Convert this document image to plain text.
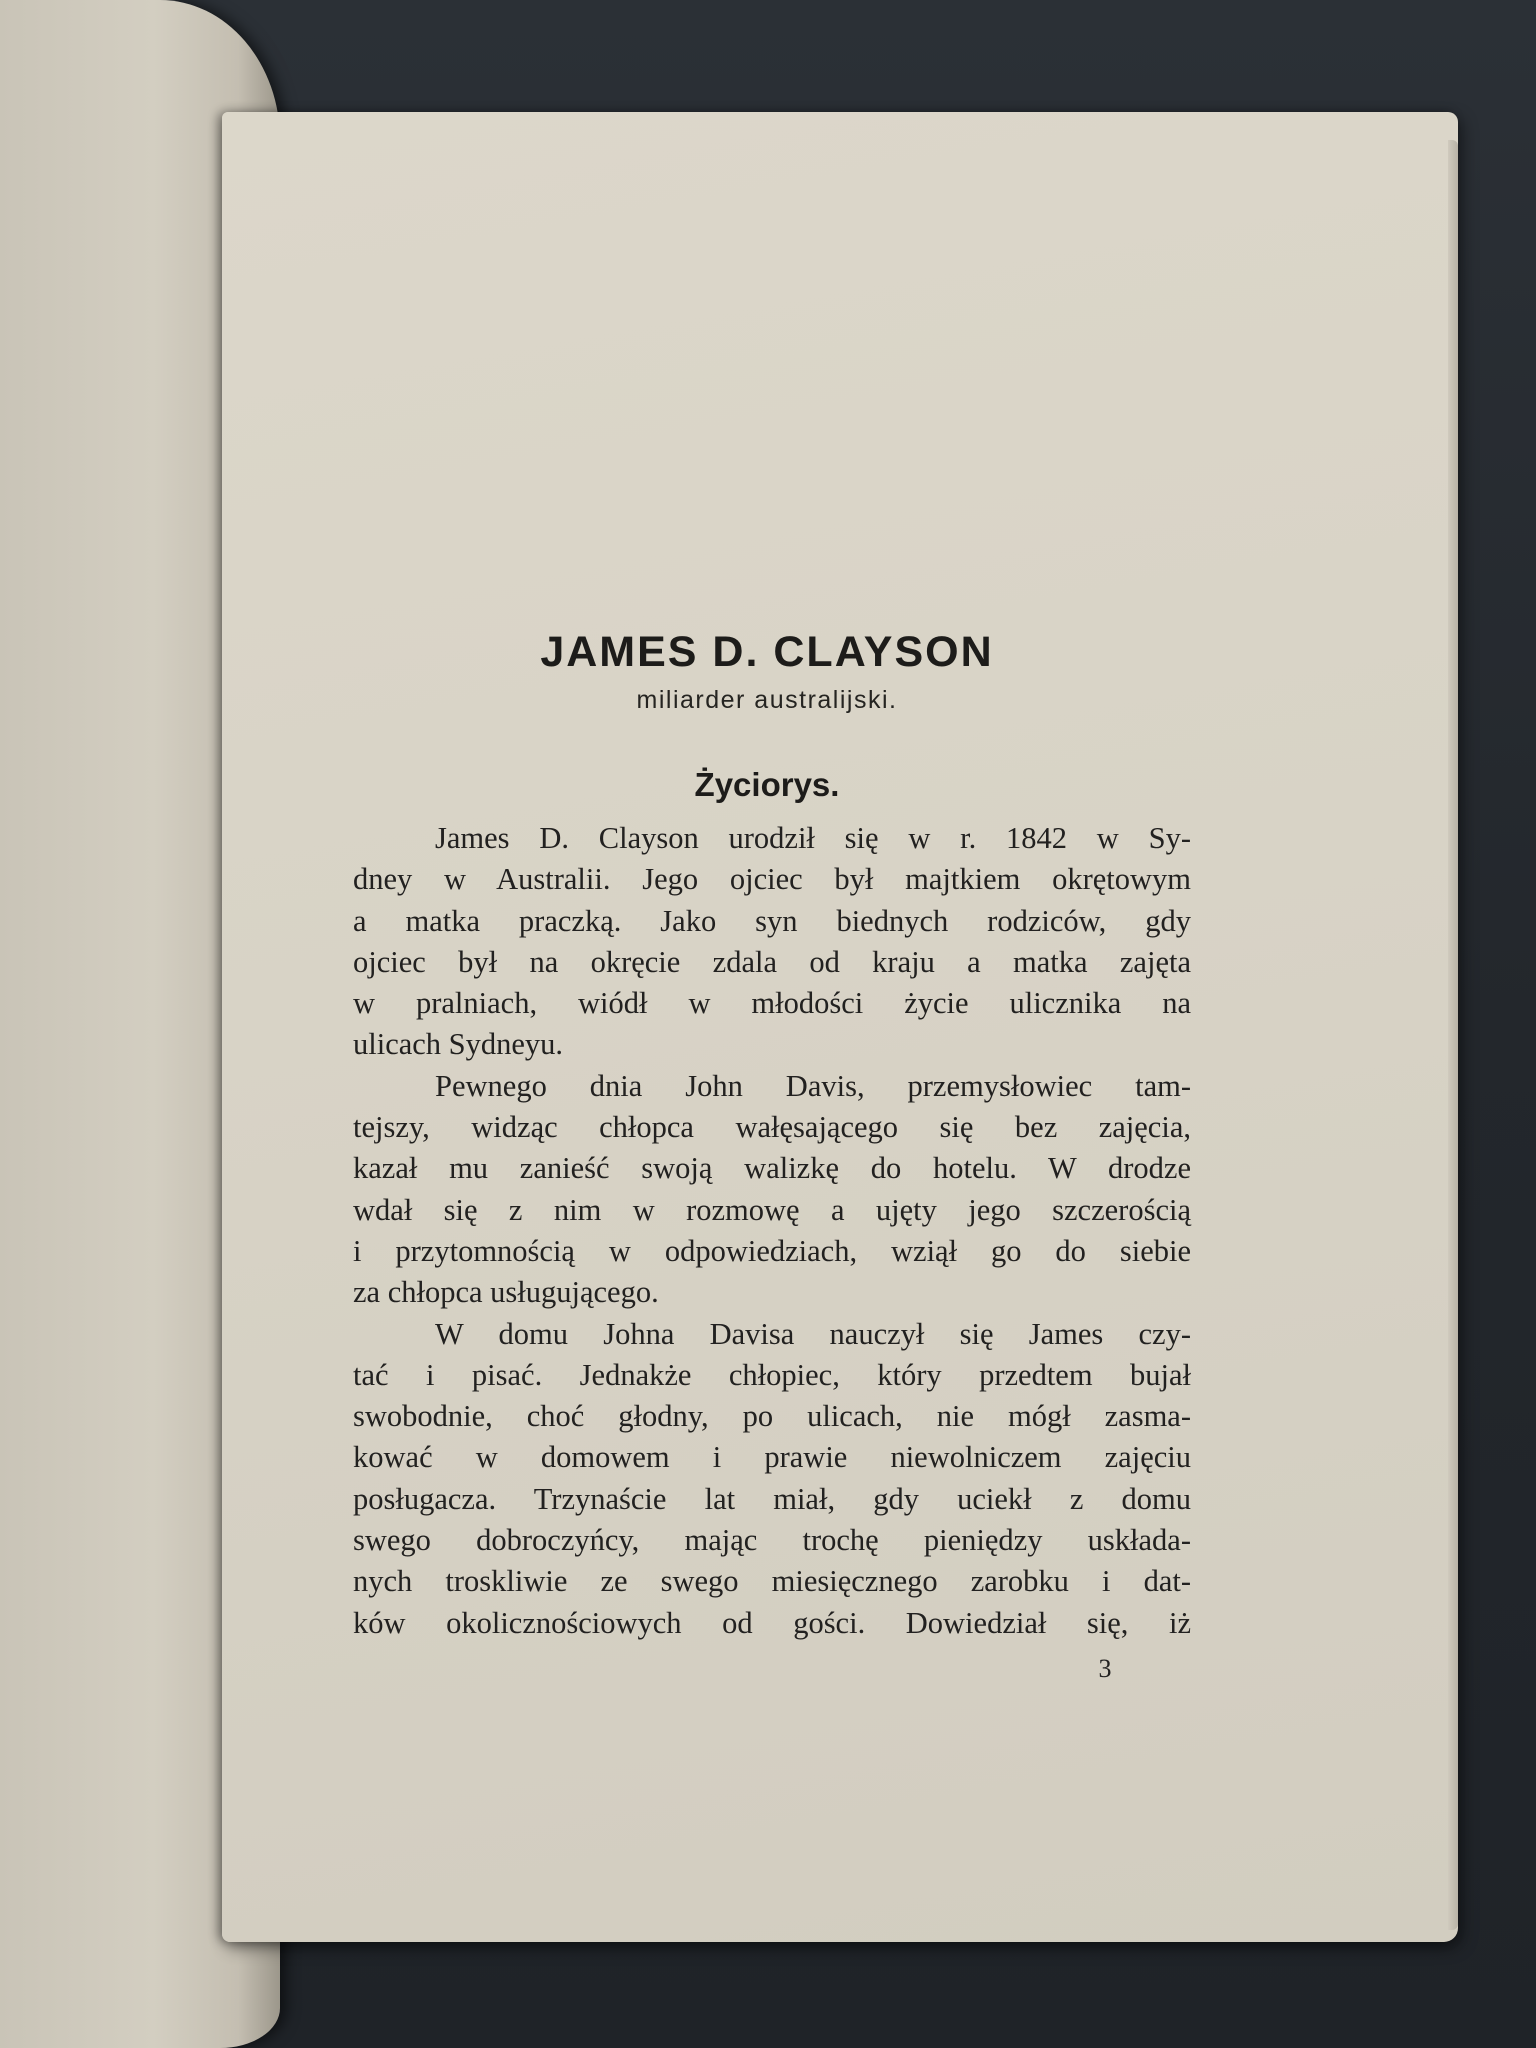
JAMES D. CLAYSON
miliarder australijski.
Życiorys.
James D. Clayson urodził się w r. 1842 w Sy-
dney w Australii. Jego ojciec był majtkiem okrętowym
a matka praczką. Jako syn biednych rodziców, gdy
ojciec był na okręcie zdala od kraju a matka zajęta
w pralniach, wiódł w młodości życie ulicznika na
ulicach Sydneyu.
Pewnego dnia John Davis, przemysłowiec tam-
tejszy, widząc chłopca wałęsającego się bez zajęcia,
kazał mu zanieść swoją walizkę do hotelu. W drodze
wdał się z nim w rozmowę a ujęty jego szczerością
i przytomnością w odpowiedziach, wziął go do siebie
za chłopca usługującego.
W domu Johna Davisa nauczył się James czy-
tać i pisać. Jednakże chłopiec, który przedtem bujał
swobodnie, choć głodny, po ulicach, nie mógł zasma-
kować w domowem i prawie niewolniczem zajęciu
posługacza. Trzynaście lat miał, gdy uciekł z domu
swego dobroczyńcy, mając trochę pieniędzy uskłada-
nych troskliwie ze swego miesięcznego zarobku i dat-
ków okolicznościowych od gości. Dowiedział się, iż
3
